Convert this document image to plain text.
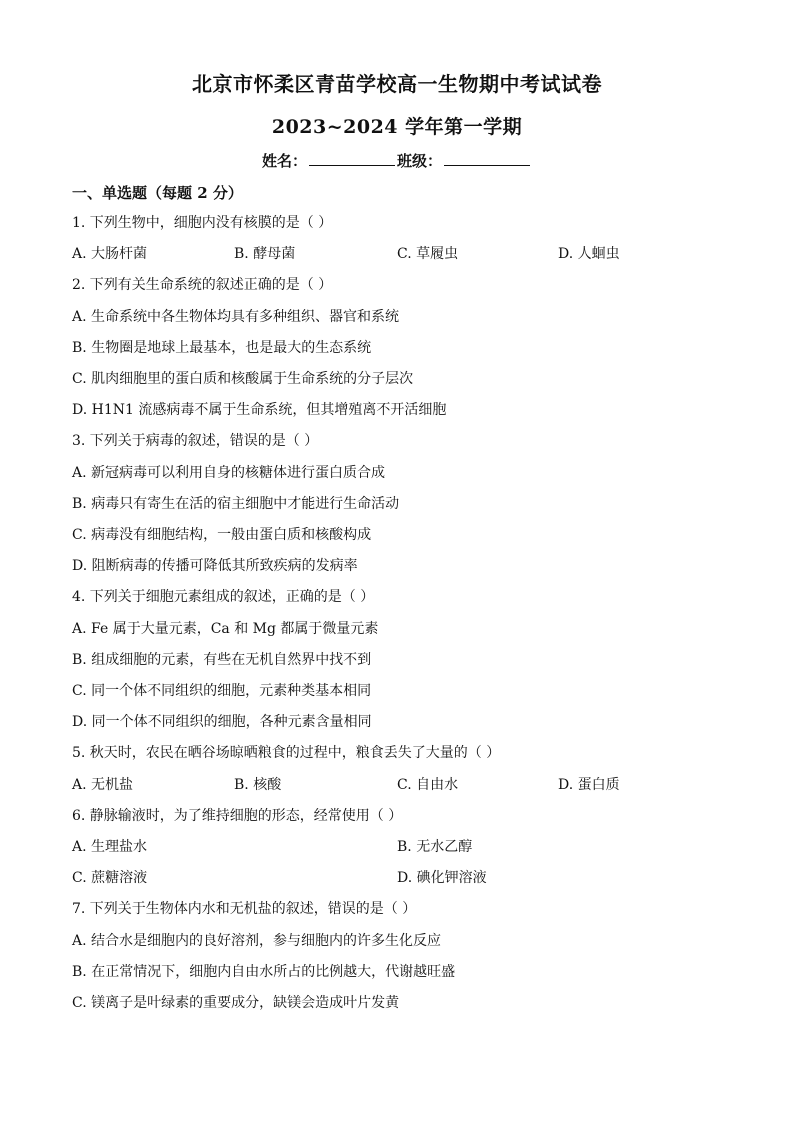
北京市怀柔区青苗学校高一生物期中考试试卷
2023~2024 学年第一学期
姓名：	班级：
一、单选题（每题 2 分）
1. 下列生物中，细胞内没有核膜的是（ ）
A. 大肠杆菌	B. 酵母菌	C. 草履虫	D. 人蛔虫
2. 下列有关生命系统的叙述正确的是（ ）
A. 生命系统中各生物体均具有多种组织、器官和系统
B. 生物圈是地球上最基本，也是最大的生态系统
C. 肌肉细胞里的蛋白质和核酸属于生命系统的分子层次
D. H1N1 流感病毒不属于生命系统，但其增殖离不开活细胞
3. 下列关于病毒的叙述，错误的是（ ）
A. 新冠病毒可以利用自身的核糖体进行蛋白质合成
B. 病毒只有寄生在活的宿主细胞中才能进行生命活动
C. 病毒没有细胞结构，一般由蛋白质和核酸构成
D. 阻断病毒的传播可降低其所致疾病的发病率
4. 下列关于细胞元素组成的叙述，正确的是（ ）
A. Fe 属于大量元素，Ca 和 Mg 都属于微量元素
B. 组成细胞的元素，有些在无机自然界中找不到
C. 同一个体不同组织的细胞，元素种类基本相同
D. 同一个体不同组织的细胞，各种元素含量相同
5. 秋天时，农民在晒谷场晾晒粮食的过程中，粮食丢失了大量的（ ）
A. 无机盐	B. 核酸	C. 自由水	D. 蛋白质
6. 静脉输液时，为了维持细胞的形态，经常使用（ ）
A. 生理盐水	B. 无水乙醇
C. 蔗糖溶液	D. 碘化钾溶液
7. 下列关于生物体内水和无机盐的叙述，错误的是（ ）
A. 结合水是细胞内的良好溶剂，参与细胞内的许多生化反应
B. 在正常情况下，细胞内自由水所占的比例越大，代谢越旺盛
C. 镁离子是叶绿素的重要成分，缺镁会造成叶片发黄
